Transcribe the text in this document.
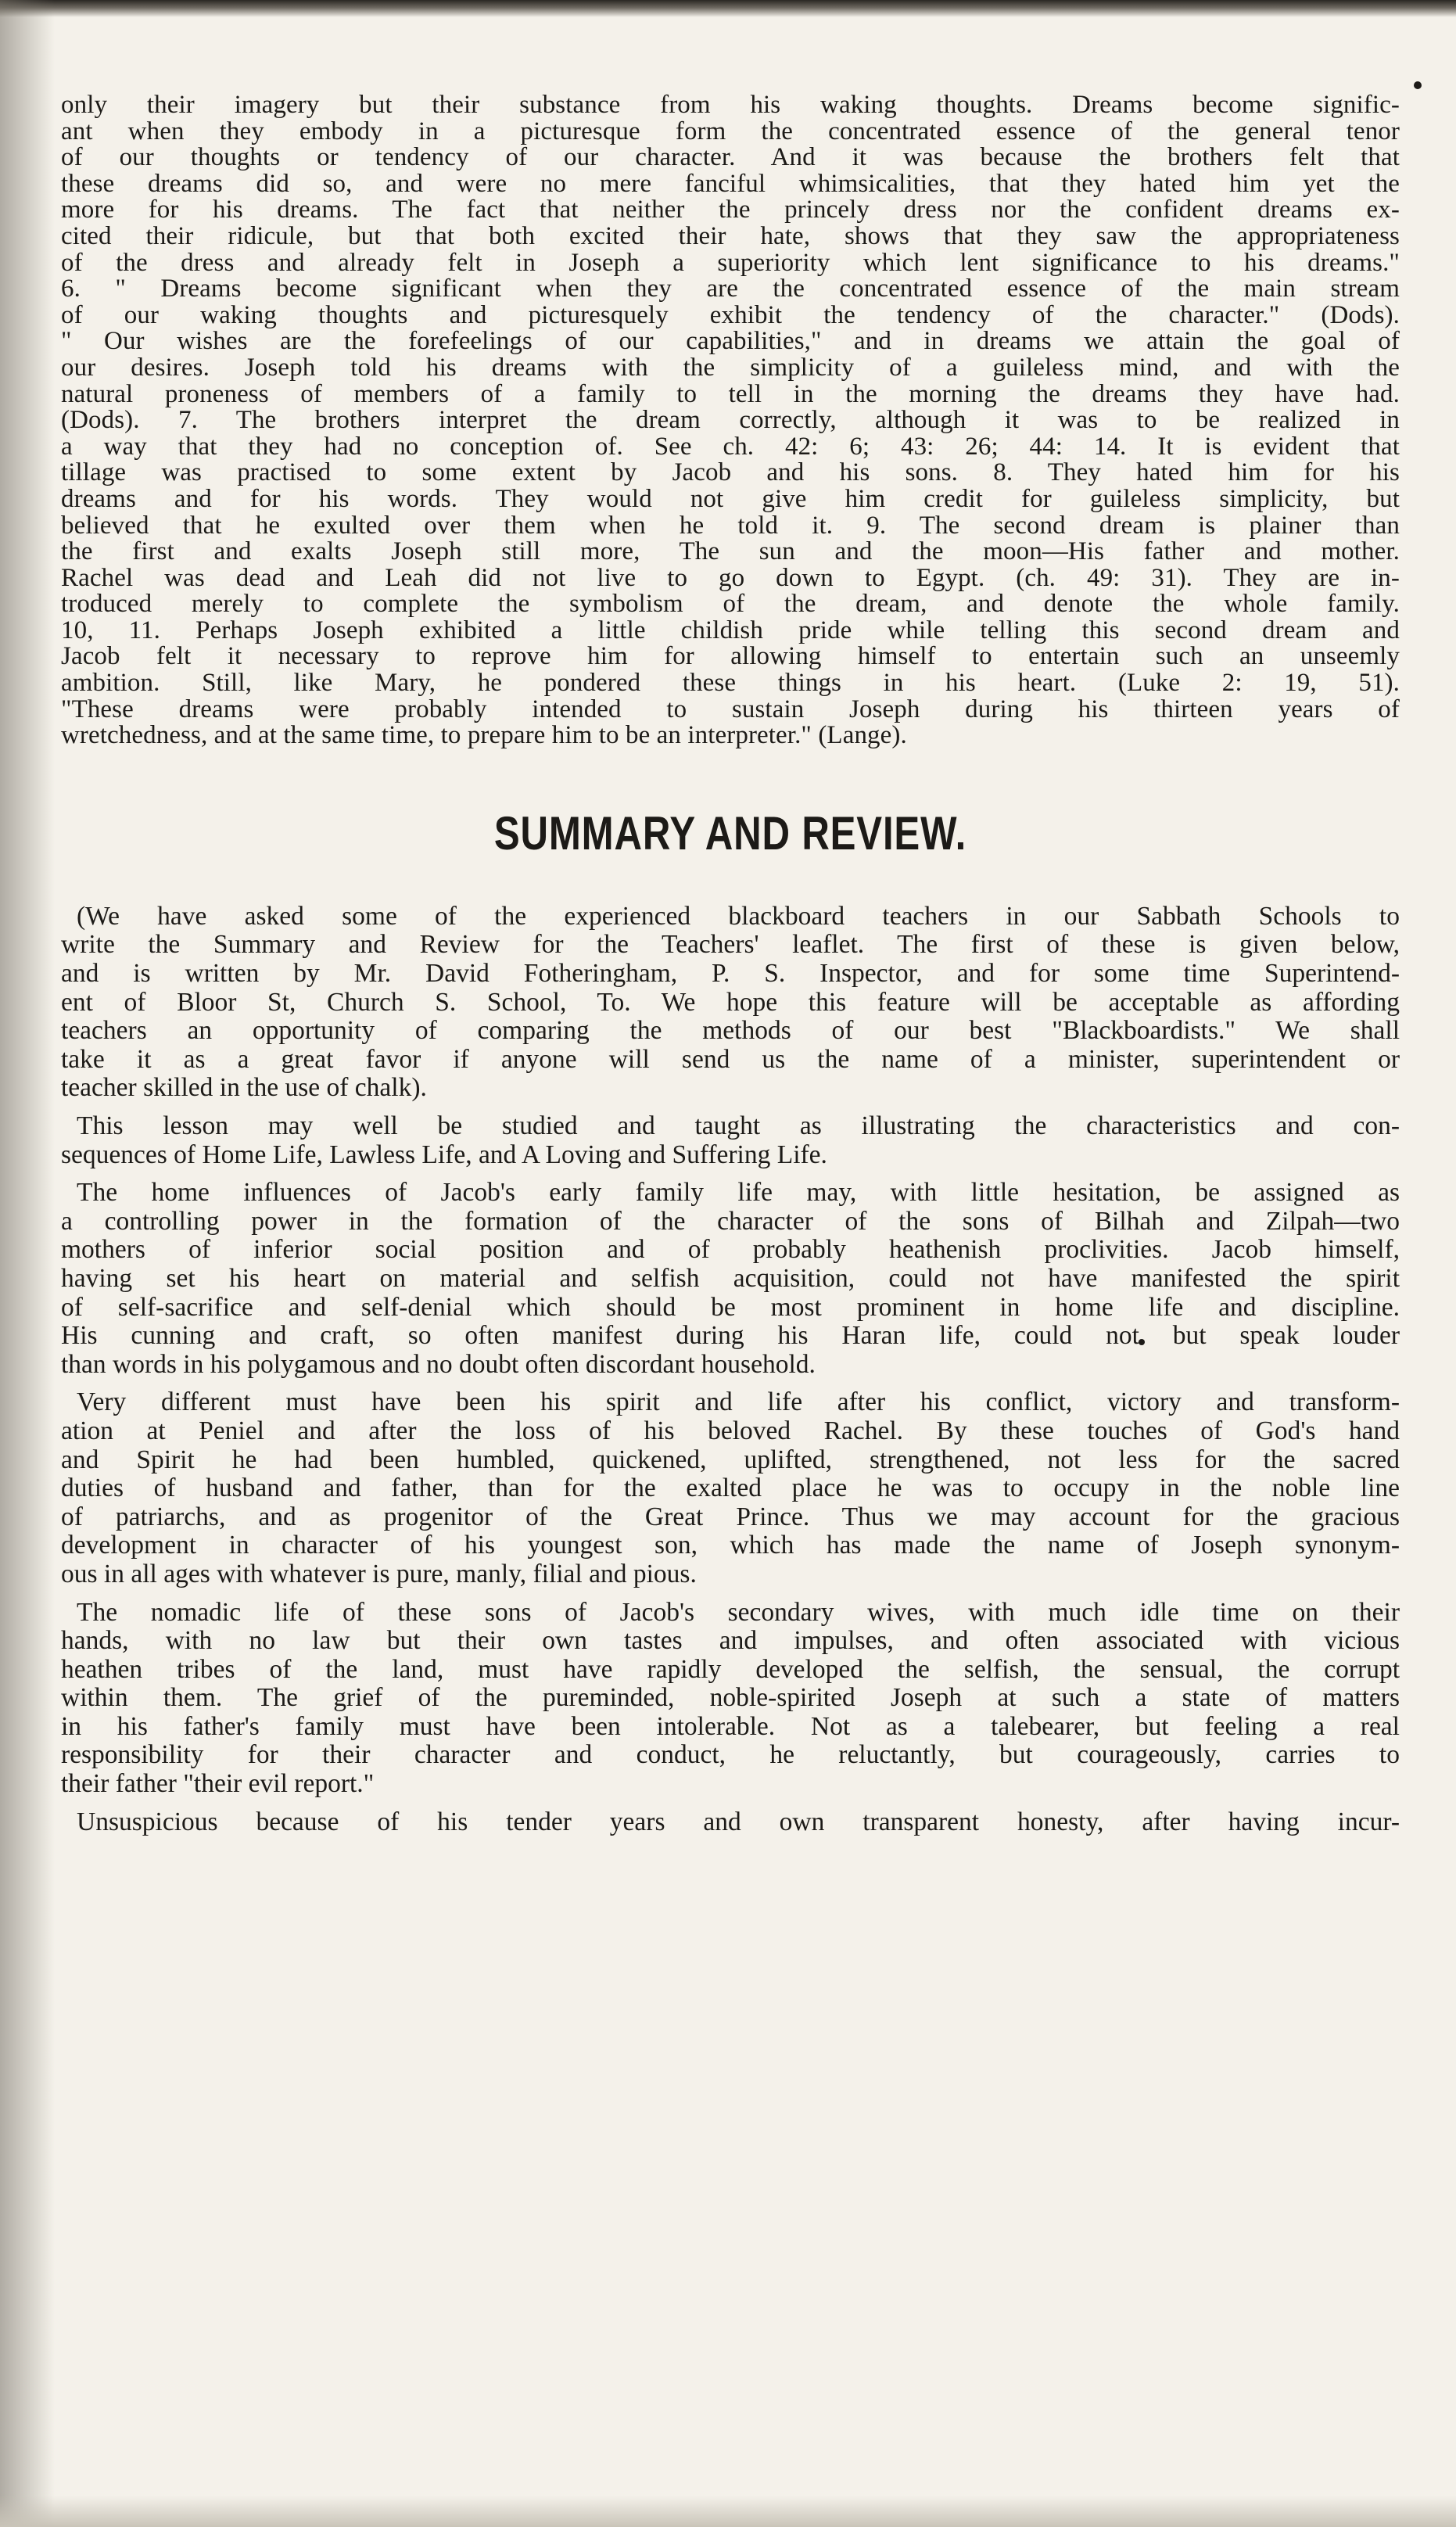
only their imagery but their substance from his waking thoughts. Dreams become signific-
ant when they embody in a picturesque form the concentrated essence of the general tenor
of our thoughts or tendency of our character. And it was because the brothers felt that
these dreams did so, and were no mere fanciful whimsicalities, that they hated him yet the
more for his dreams. The fact that neither the princely dress nor the confident dreams ex-
cited their ridicule, but that both excited their hate, shows that they saw the appropriateness
of the dress and already felt in Joseph a superiority which lent significance to his dreams."
6. " Dreams become significant when they are the concentrated essence of the main stream
of our waking thoughts and picturesquely exhibit the tendency of the character." (Dods).
" Our wishes are the forefeelings of our capabilities," and in dreams we attain the goal of
our desires. Joseph told his dreams with the simplicity of a guileless mind, and with the
natural proneness of members of a family to tell in the morning the dreams they have had.
(Dods). 7. The brothers interpret the dream correctly, although it was to be realized in
a way that they had no conception of. See ch. 42: 6; 43: 26; 44: 14. It is evident that
tillage was practised to some extent by Jacob and his sons. 8. They hated him for his
dreams and for his words. They would not give him credit for guileless simplicity, but
believed that he exulted over them when he told it. 9. The second dream is plainer than
the first and exalts Joseph still more, The sun and the moon—His father and mother.
Rachel was dead and Leah did not live to go down to Egypt. (ch. 49: 31). They are in-
troduced merely to complete the symbolism of the dream, and denote the whole family.
10, 11. Perhaps Joseph exhibited a little childish pride while telling this second dream and
Jacob felt it necessary to reprove him for allowing himself to entertain such an unseemly
ambition. Still, like Mary, he pondered these things in his heart. (Luke 2: 19, 51).
"These dreams were probably intended to sustain Joseph during his thirteen years of
wretchedness, and at the same time, to prepare him to be an interpreter." (Lange).
SUMMARY AND REVIEW.

(We have asked some of the experienced blackboard teachers in our Sabbath Schools to
write the Summary and Review for the Teachers' leaflet. The first of these is given below,
and is written by Mr. David Fotheringham, P. S. Inspector, and for some time Superintend-
ent of Bloor St, Church S. School, To. We hope this feature will be acceptable as affording
teachers an opportunity of comparing the methods of our best "Blackboardists." We shall
take it as a great favor if anyone will send us the name of a minister, superintendent or
teacher skilled in the use of chalk).

This lesson may well be studied and taught as illustrating the characteristics and con-
sequences of Home Life, Lawless Life, and A Loving and Suffering Life.

The home influences of Jacob's early family life may, with little hesitation, be assigned as
a controlling power in the formation of the character of the sons of Bilhah and Zilpah—two
mothers of inferior social position and of probably heathenish proclivities. Jacob himself,
having set his heart on material and selfish acquisition, could not have manifested the spirit
of self-sacrifice and self-denial which should be most prominent in home life and discipline.
His cunning and craft, so often manifest during his Haran life, could not but speak louder
than words in his polygamous and no doubt often discordant household.

Very different must have been his spirit and life after his conflict, victory and transform-
ation at Peniel and after the loss of his beloved Rachel. By these touches of God's hand
and Spirit he had been humbled, quickened, uplifted, strengthened, not less for the sacred
duties of husband and father, than for the exalted place he was to occupy in the noble line
of patriarchs, and as progenitor of the Great Prince. Thus we may account for the gracious
development in character of his youngest son, which has made the name of Joseph synonym-
ous in all ages with whatever is pure, manly, filial and pious.

The nomadic life of these sons of Jacob's secondary wives, with much idle time on their
hands, with no law but their own tastes and impulses, and often associated with vicious
heathen tribes of the land, must have rapidly developed the selfish, the sensual, the corrupt
within them. The grief of the pureminded, noble-spirited Joseph at such a state of matters
in his father's family must have been intolerable. Not as a talebearer, but feeling a real
responsibility for their character and conduct, he reluctantly, but courageously, carries to
their father "their evil report."

Unsuspicious because of his tender years and own transparent honesty, after having incur-
